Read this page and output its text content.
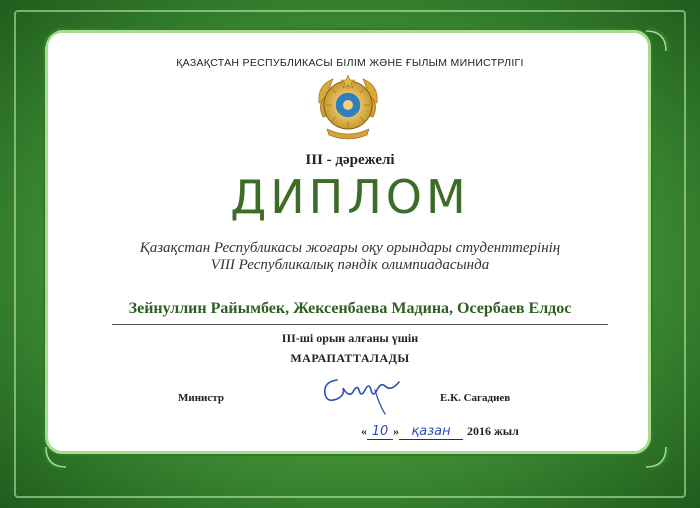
ҚАЗАҚСТАН РЕСПУБЛИКАСЫ БІЛІМ ЖӘНЕ ҒЫЛЫМ МИНИСТРЛІГІ
III - дәрежелі
ДИПЛОМ
Қазақстан Республикасы жоғары оқу орындары студенттерінің
VIII Республикалық пәндік олимпиадасында
Зейнуллин Райымбек, Жексенбаева Мадина, Осербаев Елдос
III-ші орын алғаны үшін
МАРАПАТТАЛАДЫ
Министр	Е.К. Сагадиев
« 10 » қазан	2016 жыл
